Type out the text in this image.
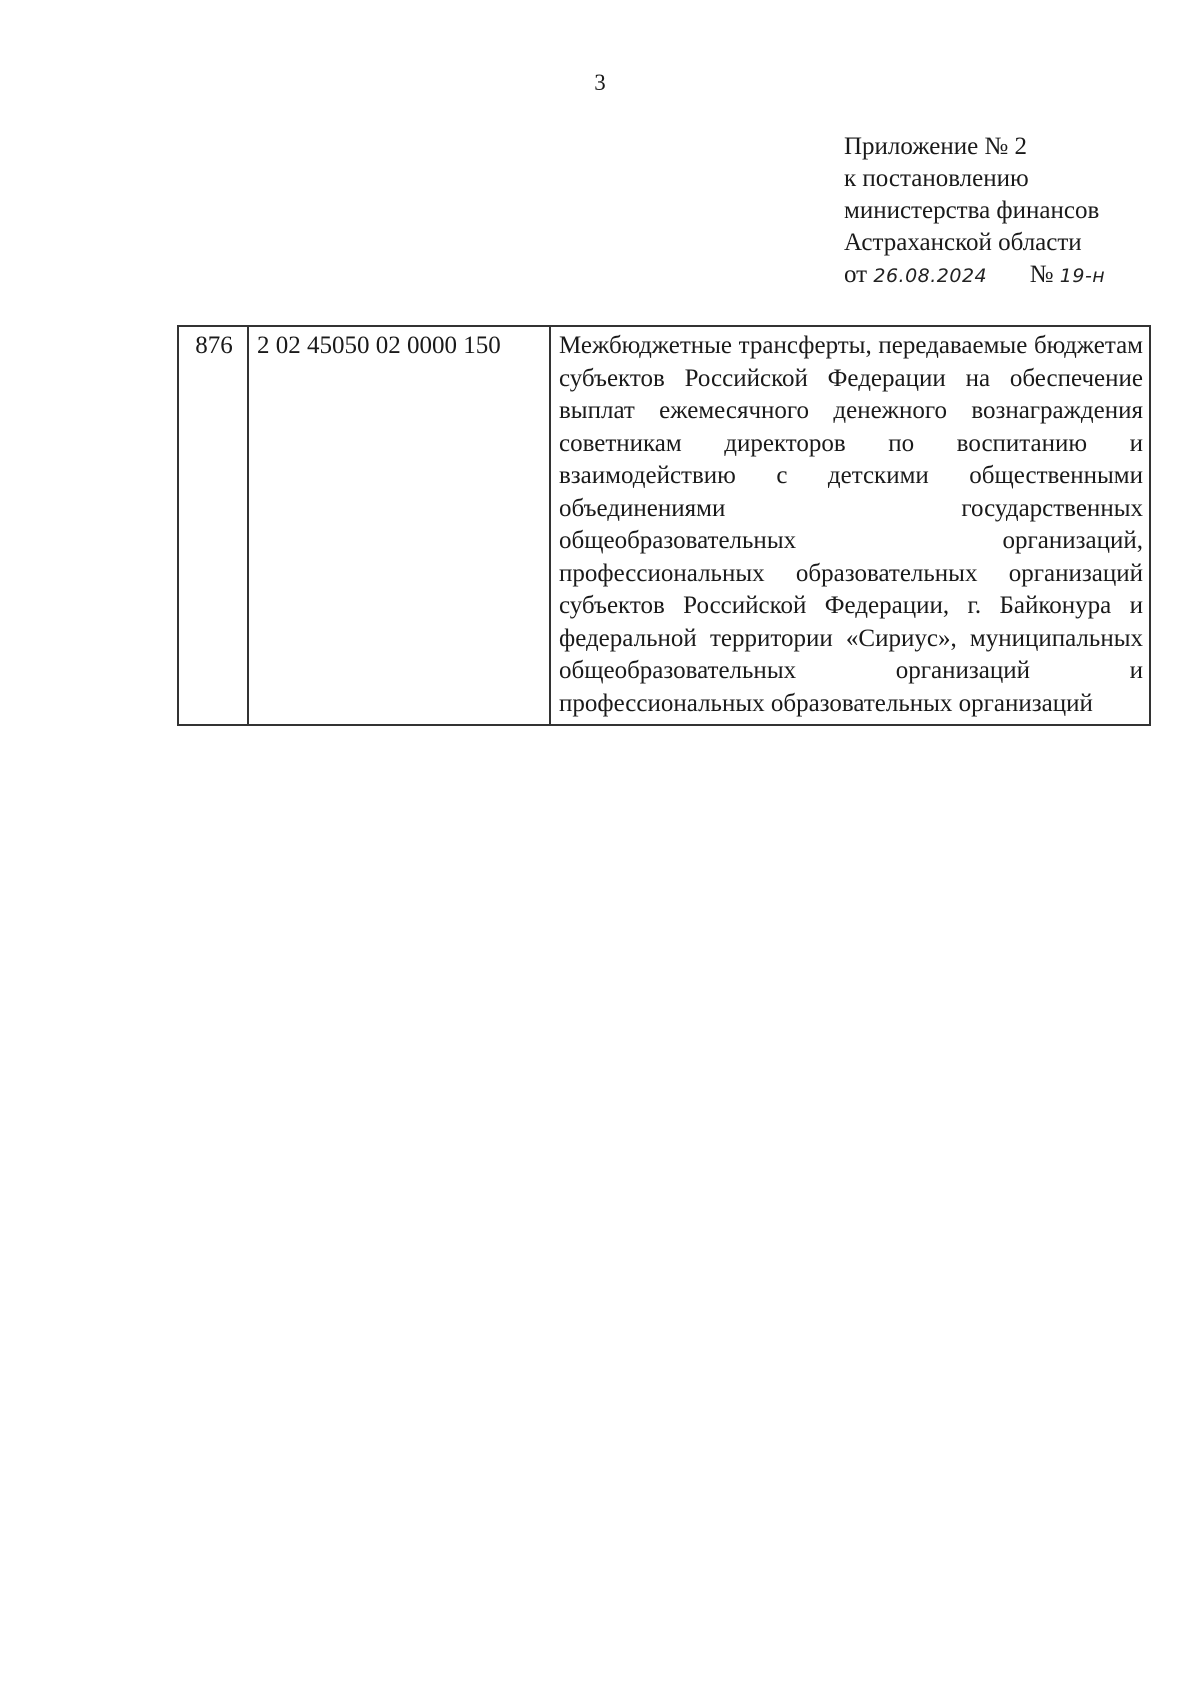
3
Приложение № 2
к постановлению
министерства финансов
Астраханской области
от 26.08.2024 № 19-н
876	2 02 45050 02 0000 150	Межбюджетные трансферты, передаваемые бюджетам субъектов Российской Федерации на обеспечение выплат ежемесячного денежного вознаграждения советникам директоров по воспитанию и взаимодействию с детскими общественными объединениями государственных общеобразовательных организаций, профессиональных образовательных организаций субъектов Российской Федерации, г. Байконура и федеральной территории «Сириус», муниципальных общеобразовательных организаций и профессиональных образовательных организаций
